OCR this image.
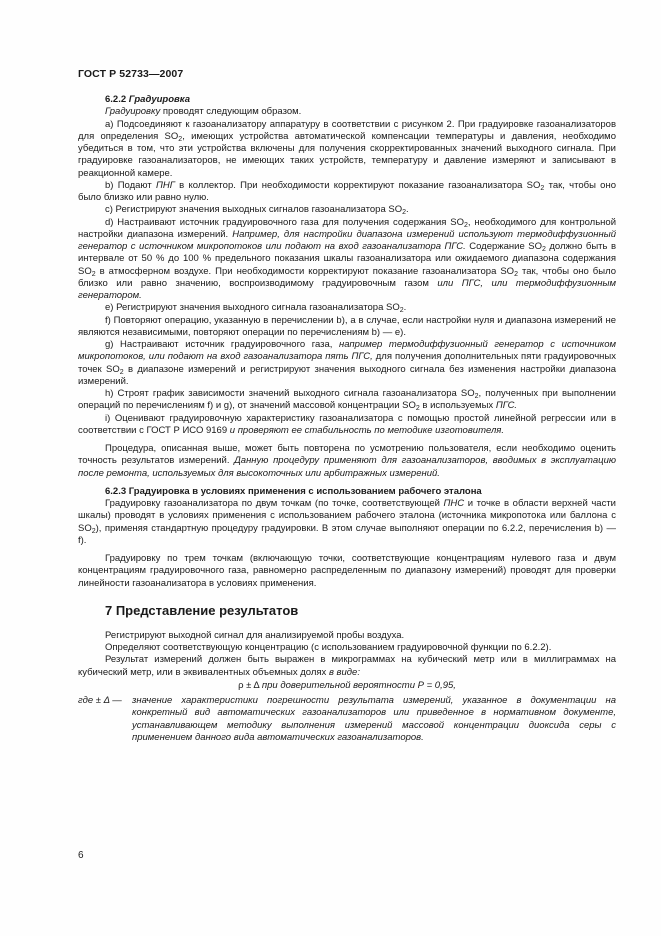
ГОСТ Р 52733—2007

6.2.2 Градуировка

Градуировку проводят следующим образом.

a) Подсоединяют к газоанализатору аппаратуру в соответствии с рисунком 2. При градуировке газоанализаторов для определения $SO_2$, имеющих устройства автоматической компенсации температуры и давления, необходимо убедиться в том, что эти устройства включены для получения скорректированных значений выходного сигнала. При градуировке газоанализаторов, не имеющих таких устройств, температуру и давление измеряют и записывают в реакционной камере.

b) Подают ПНГ в коллектор. При необходимости корректируют показание газоанализатора $SO_2$ так, чтобы оно было близко или равно нулю.

c) Регистрируют значения выходных сигналов газоанализатора $SO_2$.

d) Настраивают источник градуировочного газа для получения содержания $SO_2$, необходимого для контрольной настройки диапазона измерений. Например, для настройки диапазона измерений используют термодиффузионный генератор с источником микропотоков или подают на вход газоанализатора ПГС. Содержание $SO_2$ должно быть в интервале от 50 % до 100 % предельного показания шкалы газоанализатора или ожидаемого диапазона содержания $SO_2$ в атмосферном воздухе. При необходимости корректируют показание газоанализатора $SO_2$ так, чтобы оно было близко или равно значению, воспроизводимому градуировочным газом или ПГС, или термодиффузионным генератором.

e) Регистрируют значения выходного сигнала газоанализатора $SO_2$.

f) Повторяют операцию, указанную в перечислении b), а в случае, если настройки нуля и диапазона измерений не являются независимыми, повторяют операции по перечислениям b) — e).

g) Настраивают источник градуировочного газа, например термодиффузионный генератор с источником микропотоков, или подают на вход газоанализатора пять ПГС, для получения дополнительных пяти градуировочных точек $SO_2$ в диапазоне измерений и регистрируют значения выходного сигнала без изменения настройки диапазона измерений.

h) Строят график зависимости значений выходного сигнала газоанализатора $SO_2$, полученных при выполнении операций по перечислениям f) и g), от значений массовой концентрации $SO_2$ в используемых ПГС.

i) Оценивают градуировочную характеристику газоанализатора с помощью простой линейной регрессии или в соответствии с ГОСТ Р ИСО 9169 и проверяют ее стабильность по методике изготовителя.

Процедура, описанная выше, может быть повторена по усмотрению пользователя, если необходимо оценить точность результатов измерений. Данную процедуру применяют для газоанализаторов, вводимых в эксплуатацию после ремонта, используемых для высокоточных или арбитражных измерений.

6.2.3 Градуировка в условиях применения с использованием рабочего эталона

Градуировку газоанализатора по двум точкам (по точке, соответствующей ПНС и точке в области верхней части шкалы) проводят в условиях применения с использованием рабочего эталона (источника микропотока или баллона с $SO_2$), применяя стандартную процедуру градуировки. В этом случае выполняют операции по 6.2.2, перечисления b) — f).

Градуировку по трем точкам (включающую точки, соответствующие концентрациям нулевого газа и двум концентрациям градуировочного газа, равномерно распределенным по диапазону измерений) проводят для проверки линейности газоанализатора в условиях применения.

7 Представление результатов

Регистрируют выходной сигнал для анализируемой пробы воздуха.

Определяют соответствующую концентрацию (с использованием градуировочной функции по 6.2.2).

Результат измерений должен быть выражен в микрограммах на кубический метр или в миллиграммах на кубический метр, или в эквивалентных объемных долях в виде:

ρ ± Δ при доверительной вероятности Р = 0,95,

где ± Δ — значение характеристики погрешности результата измерений, указанное в документации на конкретный вид автоматических газоанализаторов или приведенное в нормативном документе, устанавливающем методику выполнения измерений массовой концентрации диоксида серы с применением данного вида автоматических газоанализаторов.
6
